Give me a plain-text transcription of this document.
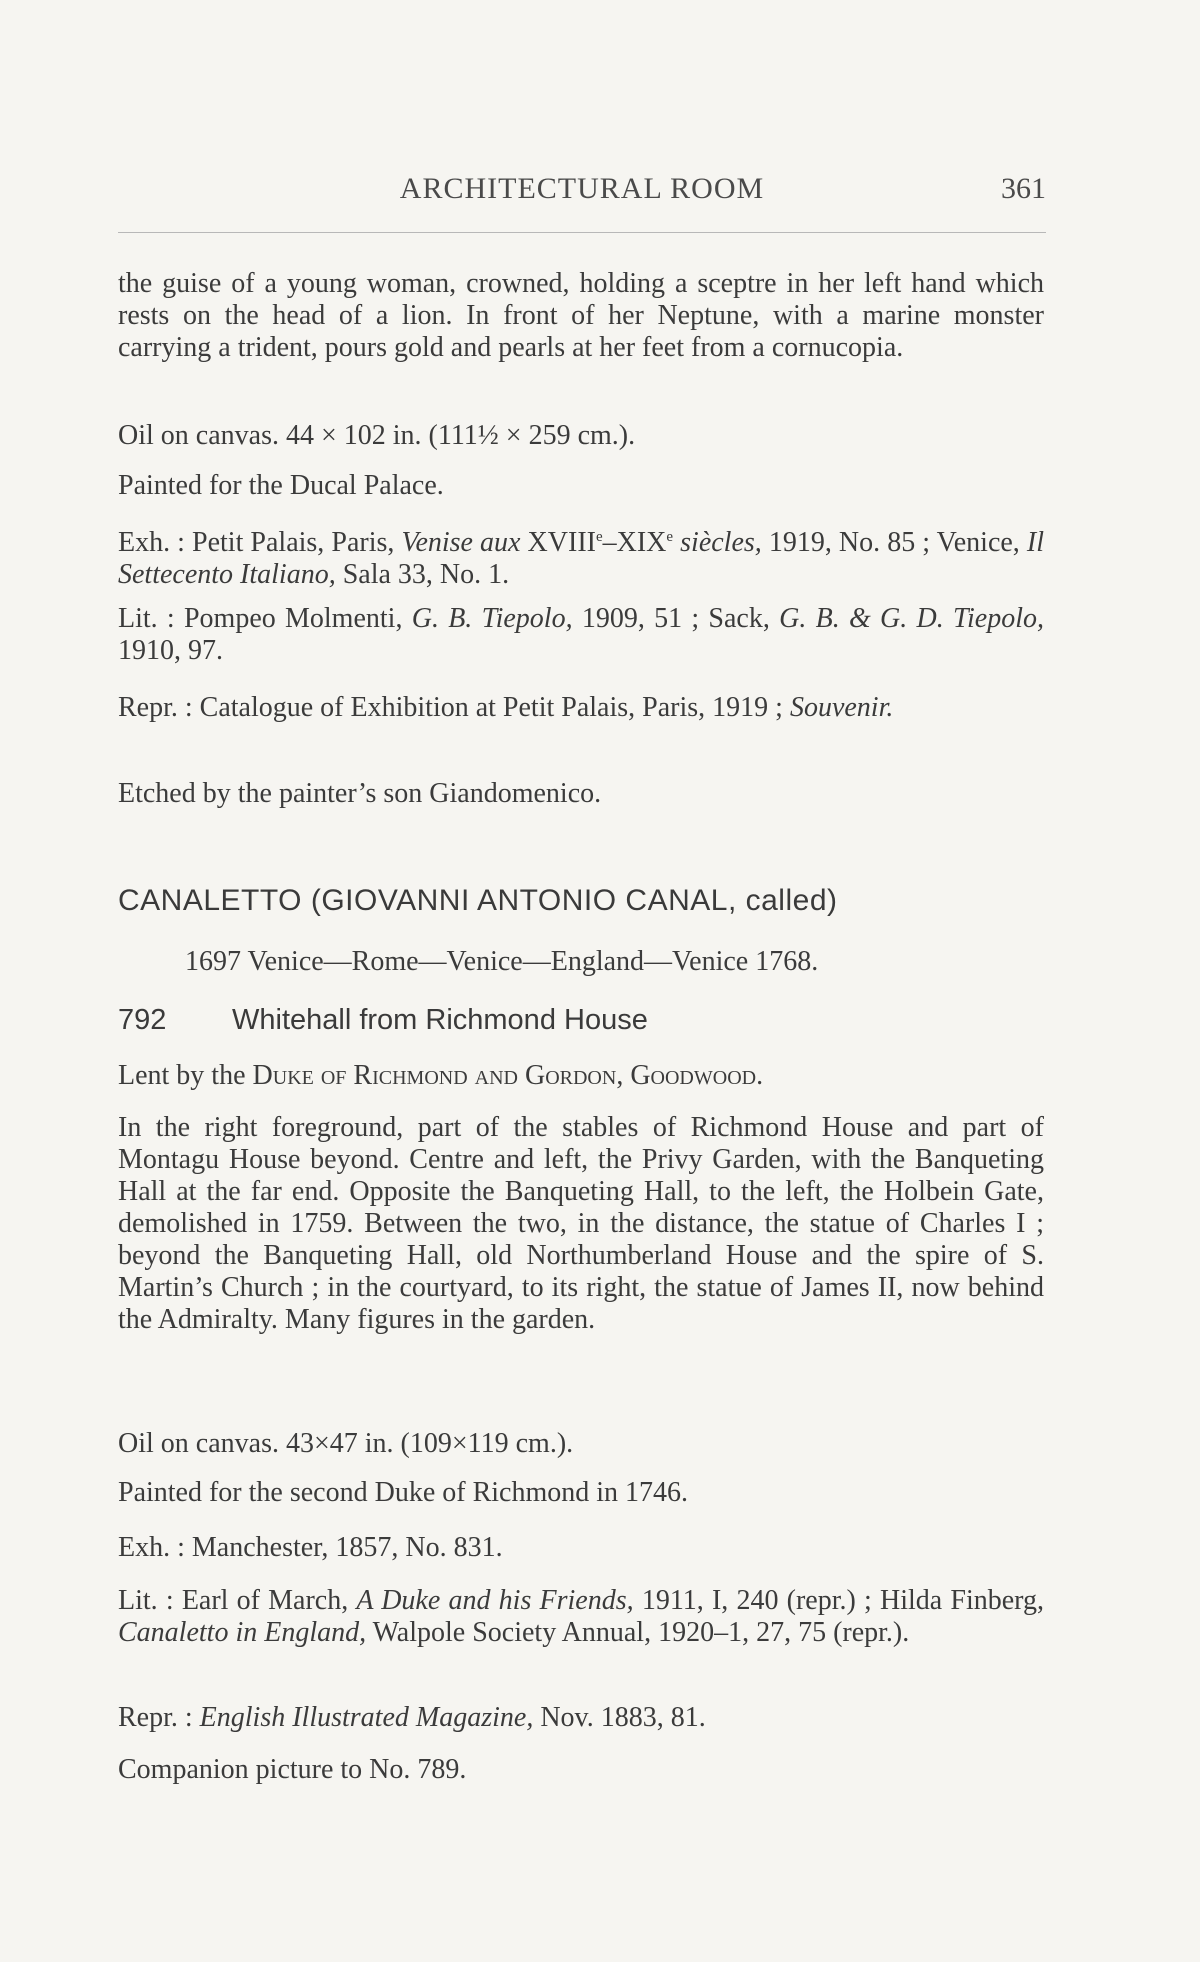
ARCHITECTURAL ROOM	361

the guise of a young woman, crowned, holding a sceptre in her left hand which rests on the head of a lion. In front of her Neptune, with a marine monster carrying a trident, pours gold and pearls at her feet from a cornucopia.

Oil on canvas. 44 × 102 in. (111½ × 259 cm.).

Painted for the Ducal Palace.

Exh. : Petit Palais, Paris, Venise aux XVIIIe–XIXe siècles, 1919, No. 85 ; Venice, Il Settecento Italiano, Sala 33, No. 1.

Lit. : Pompeo Molmenti, G. B. Tiepolo, 1909, 51 ; Sack, G. B. & G. D. Tiepolo, 1910, 97.

Repr. : Catalogue of Exhibition at Petit Palais, Paris, 1919 ; Souvenir.

Etched by the painter’s son Giandomenico.

CANALETTO (GIOVANNI ANTONIO CANAL, called)
1697 Venice—Rome—Venice—England—Venice 1768.
792 Whitehall from Richmond House

Lent by the Duke of Richmond and Gordon, Goodwood.

In the right foreground, part of the stables of Richmond House and part of Montagu House beyond. Centre and left, the Privy Garden, with the Banqueting Hall at the far end. Opposite the Banqueting Hall, to the left, the Holbein Gate, demolished in 1759. Between the two, in the distance, the statue of Charles I ; beyond the Banqueting Hall, old Northumberland House and the spire of S. Martin’s Church ; in the courtyard, to its right, the statue of James II, now behind the Admiralty. Many figures in the garden.

Oil on canvas. 43×47 in. (109×119 cm.).

Painted for the second Duke of Richmond in 1746.

Exh. : Manchester, 1857, No. 831.

Lit. : Earl of March, A Duke and his Friends, 1911, I, 240 (repr.) ; Hilda Finberg, Canaletto in England, Walpole Society Annual, 1920–1, 27, 75 (repr.).

Repr. : English Illustrated Magazine, Nov. 1883, 81.

Companion picture to No. 789.
